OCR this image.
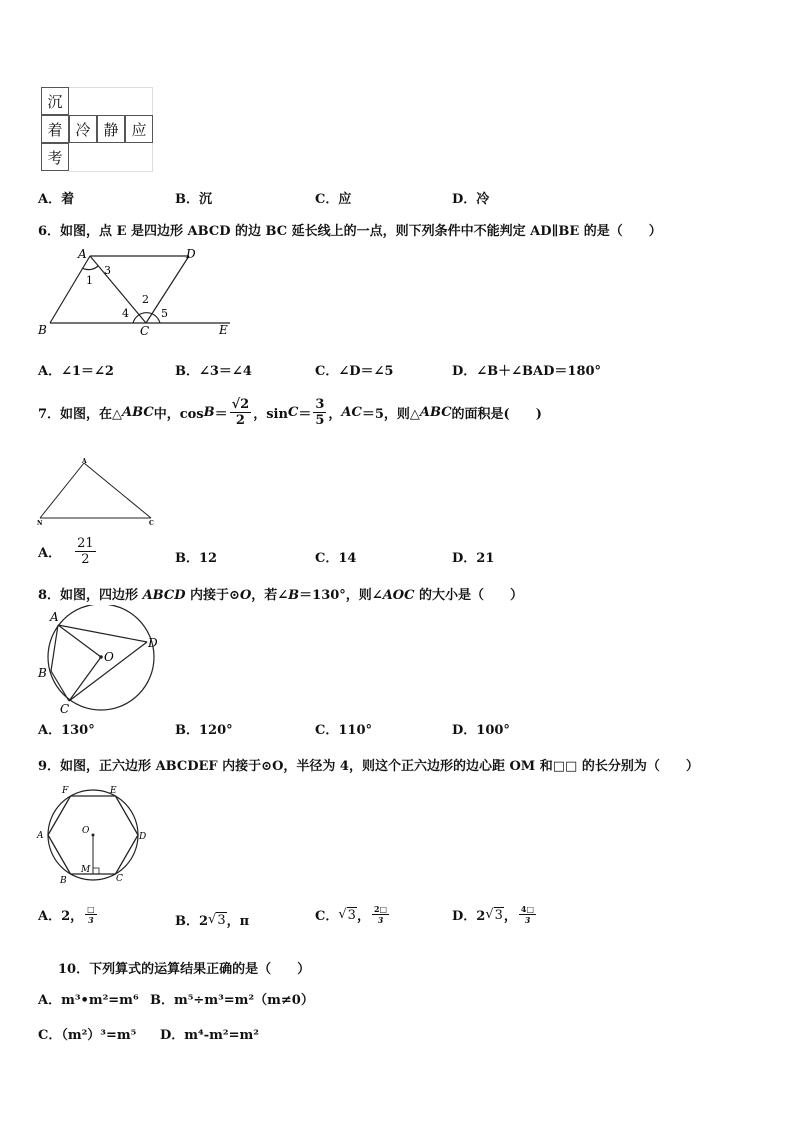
沉
着 冷 静 应
考
A．着	B．沉	C．应	D．冷
6．如图，点 E 是四边形 ABCD 的边 BC 延长线上的一点，则下列条件中不能判定 AD∥BE 的是（　　）
A	D
B	C	E
1
3
2
4	5
A．∠1＝∠2	B．∠3＝∠4	C．∠D＝∠5	D．∠B＋∠BAD＝180°
7．如图，在△ ABC 中，$\cos B = \frac{√2}{2}$ ，$\sin C = \frac{3}{5}$ ， AC ＝5，则△ ABC 的面积是(　　)
A
N	C
A． $\frac{21}{2}$	B．12	C．14	D．21
8．如图，四边形 ABCD 内接于⊙O，若∠B＝130°，则∠AOC 的大小是（　　）
A
D
B
C
O
A．130°	B．120°	C．110°	D．100°
9．如图，正六边形 ABCDEF 内接于⊙O，半径为 4，则这个正六边形的边心距 OM 和□□ 的长分别为（　　）
F	E
A	D
B	C
O
M
A．2， $\frac{□}{3}$	B．2 √ 3 ，π	C． √ 3 ， $\frac{2□}{3}$	D．2 √ 3 ， $\frac{4□}{3}$
10．下列算式的运算结果正确的是（　　）
A．m³•m²=m⁶ B．m⁵÷m³=m²（m≠0）
C．（m²）³=m⁵ D．m⁴-m²=m²
